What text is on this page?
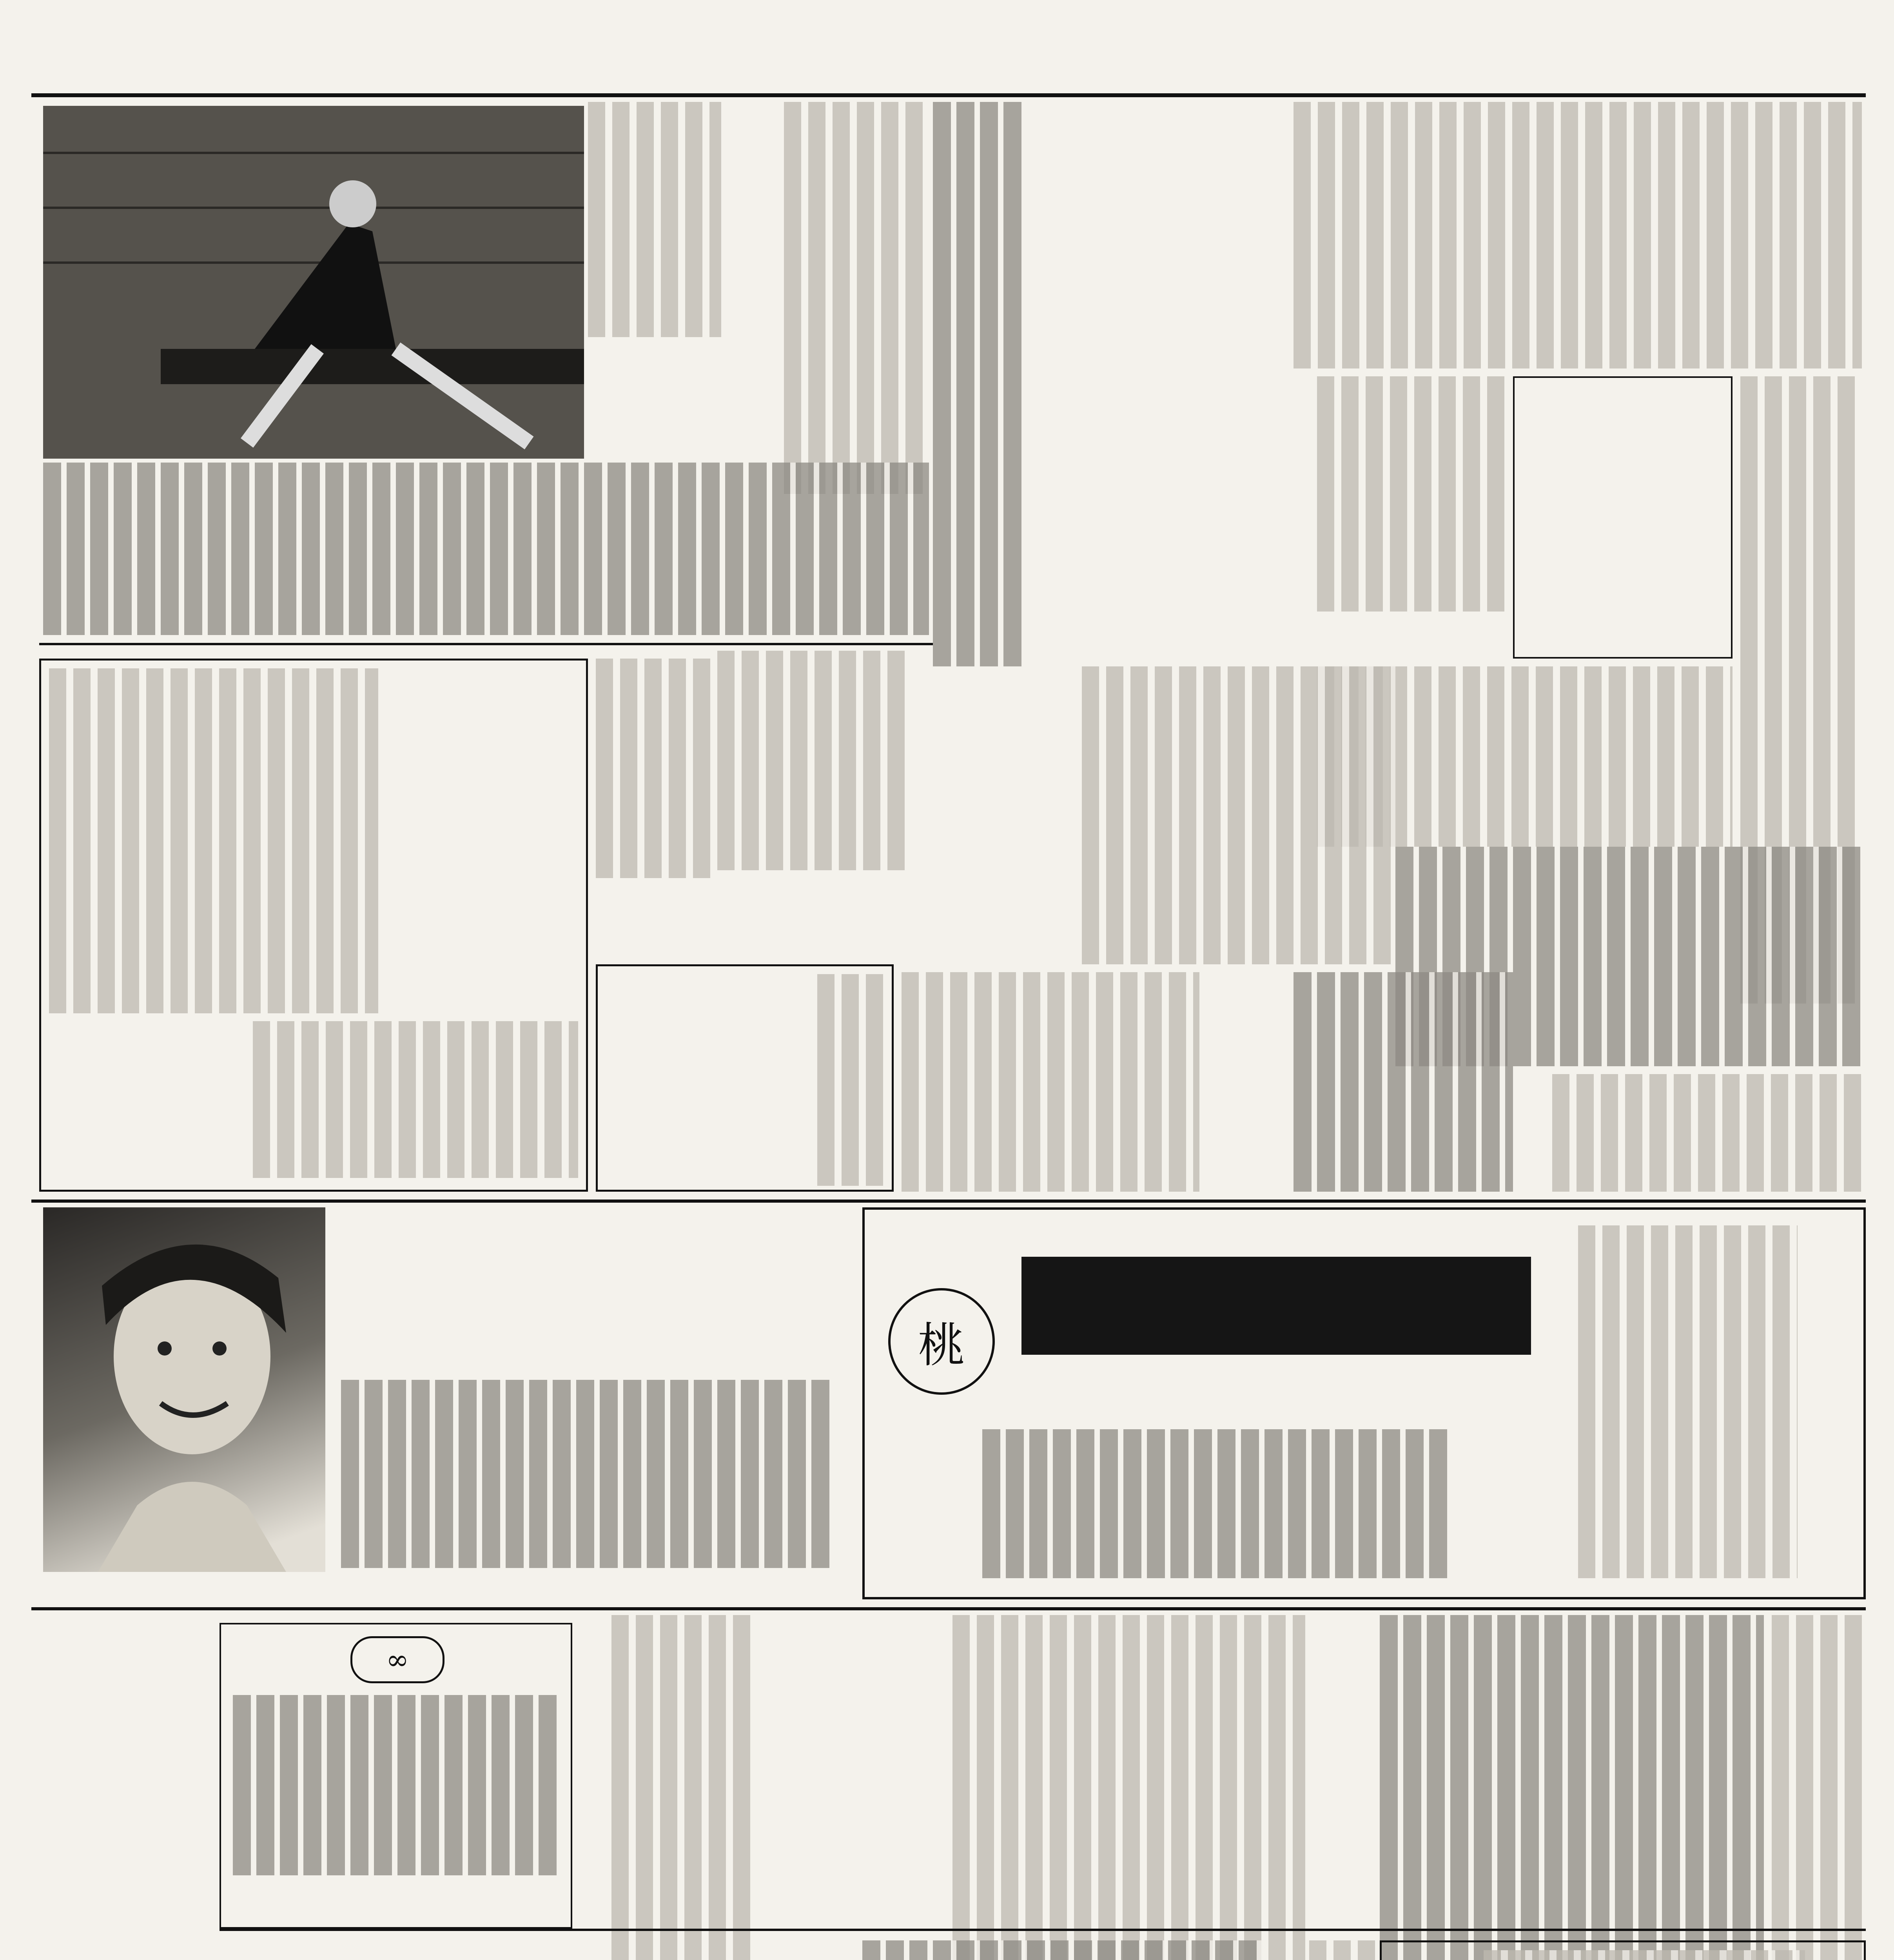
桃
∞
